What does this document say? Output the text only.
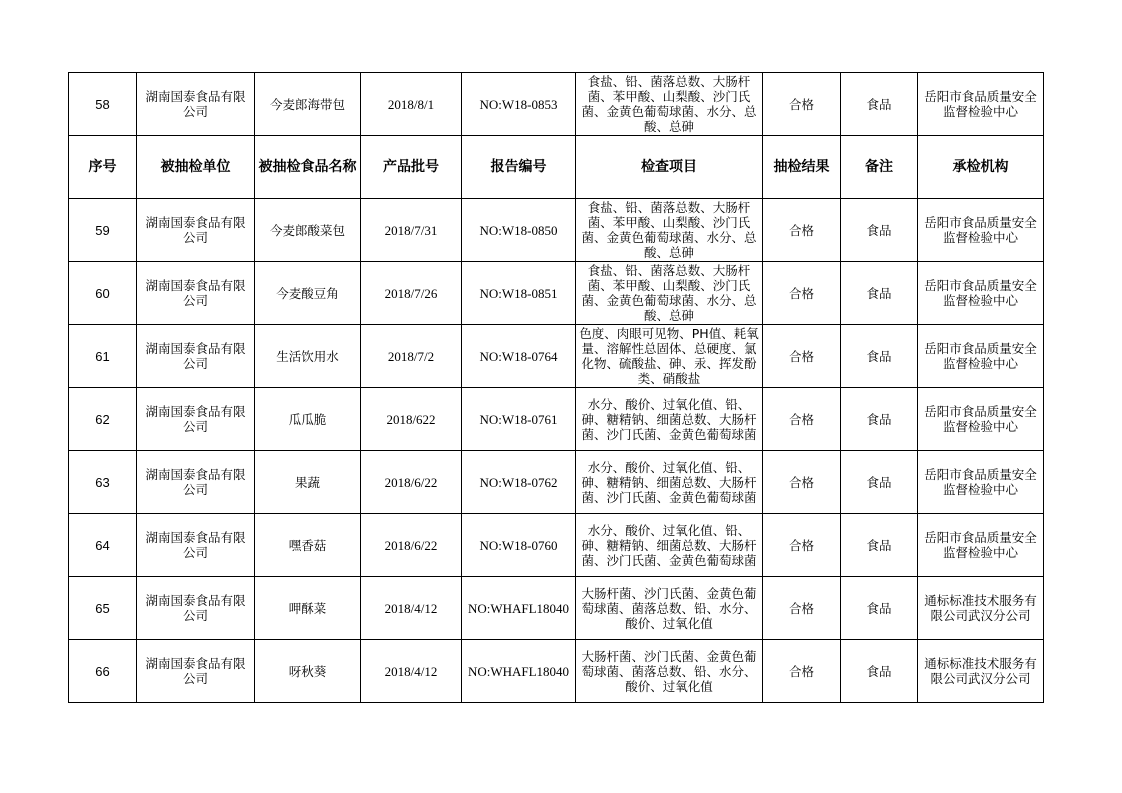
58	湖南国泰食品有限公司	今麦郎海带包	2018/8/1	NO:W18-0853	食盐、铅、菌落总数、大肠杆菌、苯甲酸、山梨酸、沙门氏菌、金黄色葡萄球菌、水分、总酸、总砷	合格	食品	岳阳市食品质量安全监督检验中心

序号	被抽检单位	被抽检食品名称	产品批号	报告编号	检查项目	抽检结果	备注	承检机构

59	湖南国泰食品有限公司	今麦郎酸菜包	2018/7/31	NO:W18-0850	食盐、铅、菌落总数、大肠杆菌、苯甲酸、山梨酸、沙门氏菌、金黄色葡萄球菌、水分、总酸、总砷	合格	食品	岳阳市食品质量安全监督检验中心

60	湖南国泰食品有限公司	今麦酸豆角	2018/7/26	NO:W18-0851	食盐、铅、菌落总数、大肠杆菌、苯甲酸、山梨酸、沙门氏菌、金黄色葡萄球菌、水分、总酸、总砷	合格	食品	岳阳市食品质量安全监督检验中心

61	湖南国泰食品有限公司	生活饮用水	2018/7/2	NO:W18-0764	色度、肉眼可见物、PH值、耗氧量、溶解性总固体、总硬度、氯化物、硫酸盐、砷、汞、挥发酚类、硝酸盐	合格	食品	岳阳市食品质量安全监督检验中心

62	湖南国泰食品有限公司	瓜瓜脆	2018/622	NO:W18-0761	水分、酸价、过氧化值、铅、砷、糖精钠、细菌总数、大肠杆菌、沙门氏菌、金黄色葡萄球菌	合格	食品	岳阳市食品质量安全监督检验中心

63	湖南国泰食品有限公司	果蔬	2018/6/22	NO:W18-0762	水分、酸价、过氧化值、铅、砷、糖精钠、细菌总数、大肠杆菌、沙门氏菌、金黄色葡萄球菌	合格	食品	岳阳市食品质量安全监督检验中心

64	湖南国泰食品有限公司	嘿香菇	2018/6/22	NO:W18-0760	水分、酸价、过氧化值、铅、砷、糖精钠、细菌总数、大肠杆菌、沙门氏菌、金黄色葡萄球菌	合格	食品	岳阳市食品质量安全监督检验中心

65	湖南国泰食品有限公司	呷酥菜	2018/4/12	NO:WHAFL18040	大肠杆菌、沙门氏菌、金黄色葡萄球菌、菌落总数、铅、水分、酸价、过氧化值	合格	食品	通标标准技术服务有限公司武汉分公司

66	湖南国泰食品有限公司	呀秋葵	2018/4/12	NO:WHAFL18040	大肠杆菌、沙门氏菌、金黄色葡萄球菌、菌落总数、铅、水分、酸价、过氧化值	合格	食品	通标标准技术服务有限公司武汉分公司
